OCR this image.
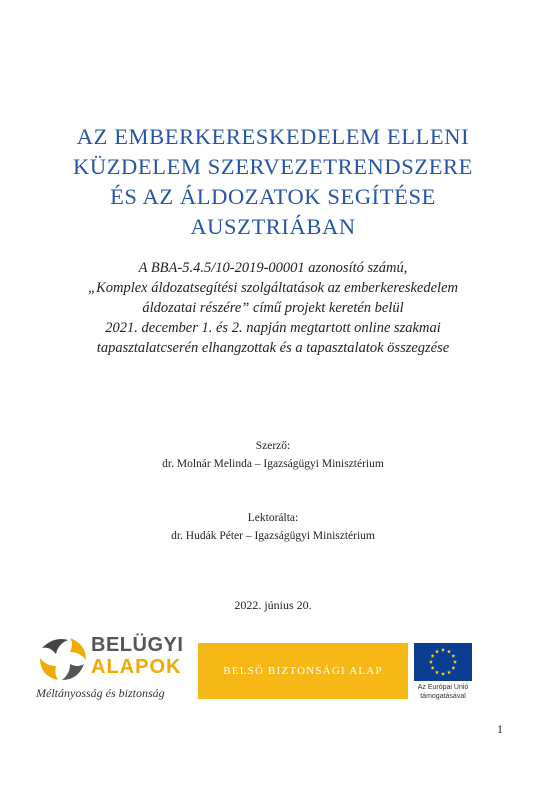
AZ EMBERKERESKEDELEM ELLENI
KÜZDELEM SZERVEZETRENDSZERE
ÉS AZ ÁLDOZATOK SEGÍTÉSE
AUSZTRIÁBAN
A BBA-5.4.5/10-2019-00001 azonosító számú,
„Komplex áldozatsegítési szolgáltatások az emberkereskedelem
áldozatai részére” című projekt keretén belül
2021. december 1. és 2. napján megtartott online szakmai
tapasztalatcserén elhangzottak és a tapasztalatok összegzése
Szerző:
dr. Molnár Melinda – Igazságügyi Minisztérium
Lektorálta:
dr. Hudák Péter – Igazságügyi Minisztérium
2022. június 20.
BELÜGYI
ALAPOK
Méltányosság és biztonság
BELSŐ BIZTONSÁGI ALAP
Az Európai Unió
támogatásával
1
